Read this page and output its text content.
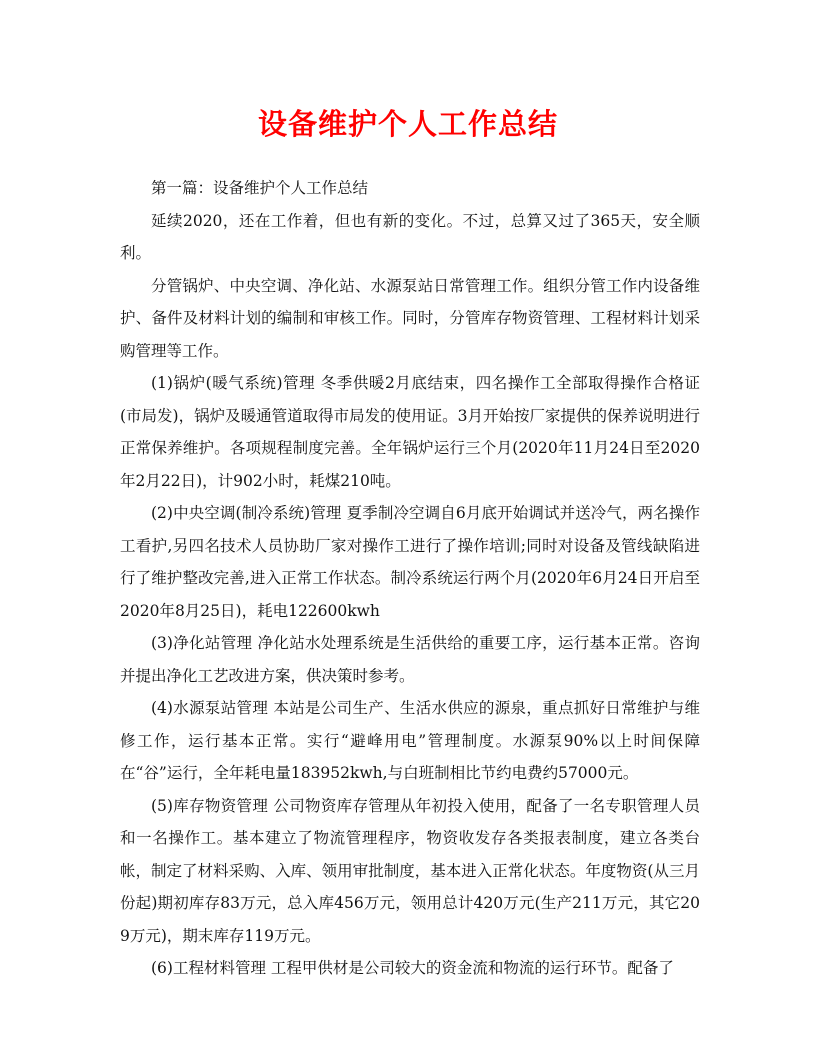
设备维护个人工作总结

第一篇：设备维护个人工作总结

延续2020，还在工作着，但也有新的变化。不过，总算又过了365天，安全顺利。

分管锅炉、中央空调、净化站、水源泵站日常管理工作。组织分管工作内设备维护、备件及材料计划的编制和审核工作。同时，分管库存物资管理、工程材料计划采购管理等工作。

(1)锅炉(暖气系统)管理 冬季供暖2月底结束，四名操作工全部取得操作合格证(市局发)，锅炉及暖通管道取得市局发的使用证。3月开始按厂家提供的保养说明进行正常保养维护。各项规程制度完善。全年锅炉运行三个月(2020年11月24日至2020年2月22日)，计902小时，耗煤210吨。

(2)中央空调(制冷系统)管理 夏季制冷空调自6月底开始调试并送冷气，两名操作工看护,另四名技术人员协助厂家对操作工进行了操作培训;同时对设备及管线缺陷进行了维护整改完善,进入正常工作状态。制冷系统运行两个月(2020年6月24日开启至2020年8月25日)，耗电122600kwh

(3)净化站管理 净化站水处理系统是生活供给的重要工序，运行基本正常。咨询并提出净化工艺改进方案，供决策时参考。

(4)水源泵站管理 本站是公司生产、生活水供应的源泉，重点抓好日常维护与维修工作，运行基本正常。实行“避峰用电”管理制度。水源泵90%以上时间保障在“谷”运行，全年耗电量183952kwh,与白班制相比节约电费约57000元。

(5)库存物资管理 公司物资库存管理从年初投入使用，配备了一名专职管理人员和一名操作工。基本建立了物流管理程序，物资收发存各类报表制度，建立各类台帐，制定了材料采购、入库、领用审批制度，基本进入正常化状态。年度物资(从三月份起)期初库存83万元，总入库456万元，领用总计420万元(生产211万元，其它209万元)，期末库存119万元。

(6)工程材料管理 工程甲供材是公司较大的资金流和物流的运行环节。配备了
